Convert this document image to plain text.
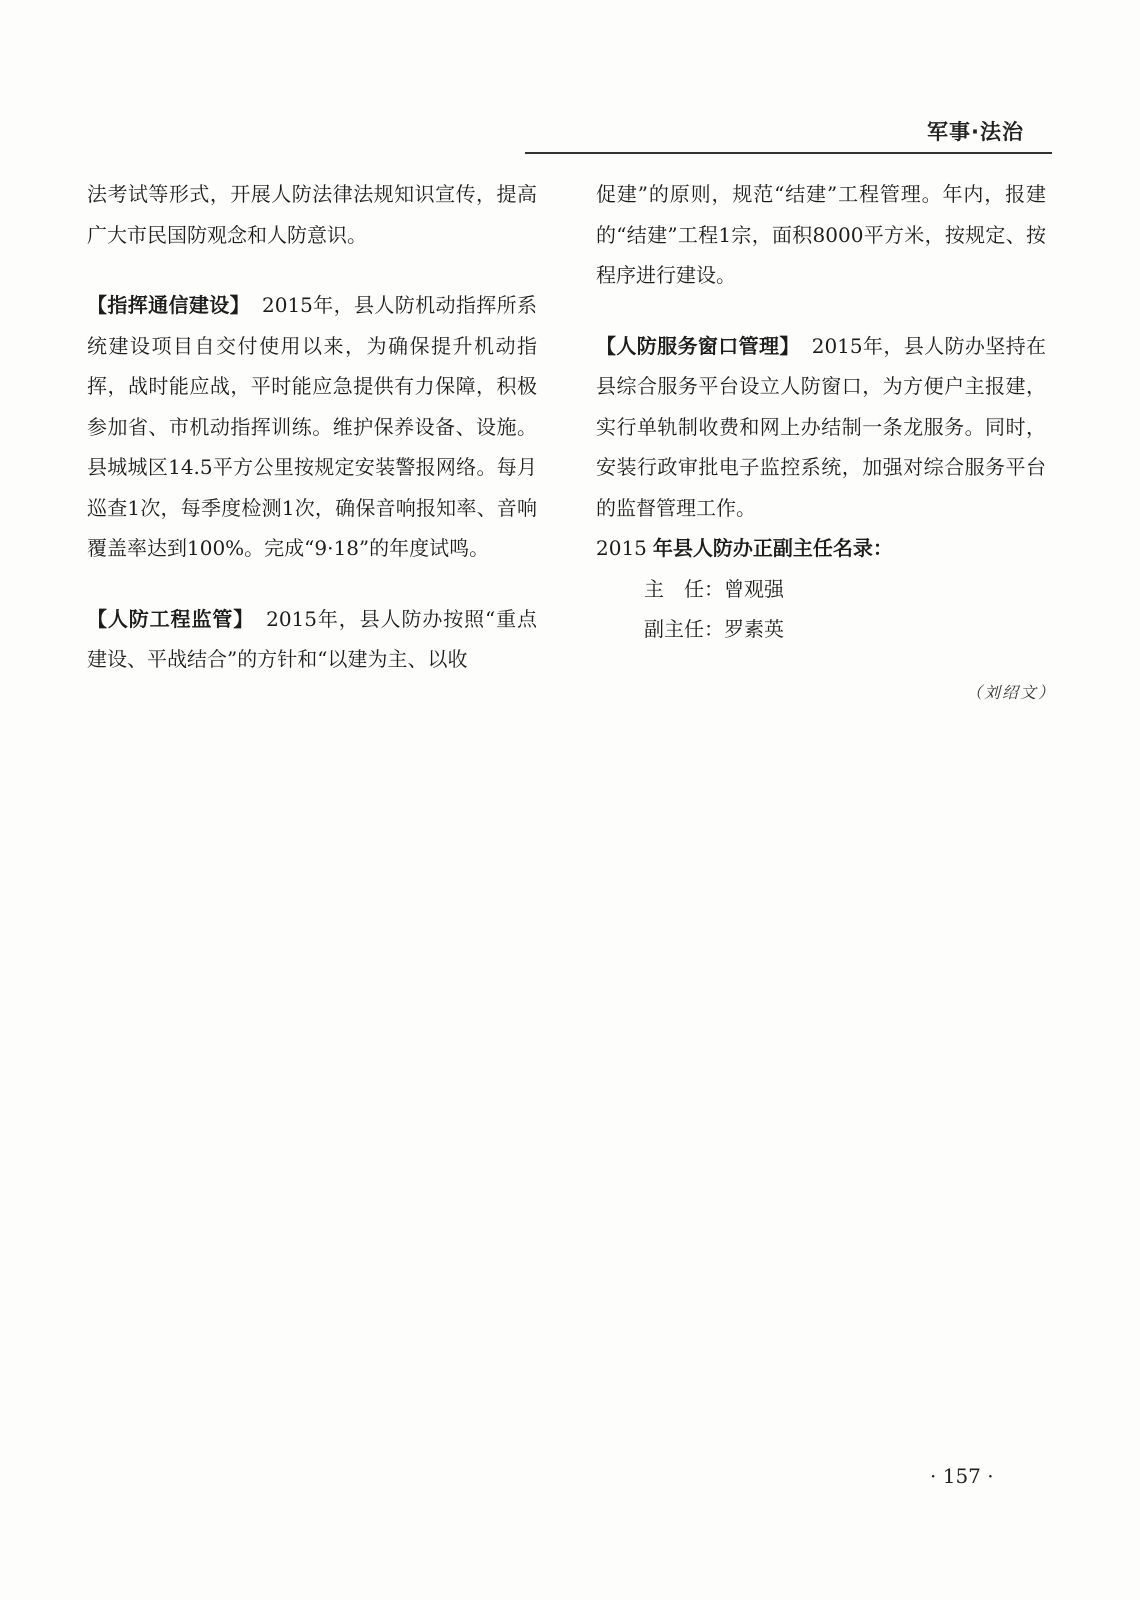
军事·法治

法考试等形式，开展人防法律法规知识宣传，提高广大市民国防观念和人防意识。

【指挥通信建设】 2015年，县人防机动指挥所系统建设项目自交付使用以来，为确保提升机动指挥，战时能应战，平时能应急提供有力保障，积极参加省、市机动指挥训练。维护保养设备、设施。县城城区14.5平方公里按规定安装警报网络。每月巡查1次，每季度检测1次，确保音响报知率、音响覆盖率达到100%。完成“9·18”的年度试鸣。

【人防工程监管】 2015年，县人防办按照“重点建设、平战结合”的方针和“以建为主、以收

促建”的原则，规范“结建”工程管理。年内，报建的“结建”工程1宗，面积8000平方米，按规定、按程序进行建设。

【人防服务窗口管理】 2015年，县人防办坚持在县综合服务平台设立人防窗口，为方便户主报建，实行单轨制收费和网上办结制一条龙服务。同时，安装行政审批电子监控系统，加强对综合服务平台的监督管理工作。

2015 年县人防办正副主任名录：

主　任：曾观强
副主任：罗素英

（刘绍文）
· 157 ·
